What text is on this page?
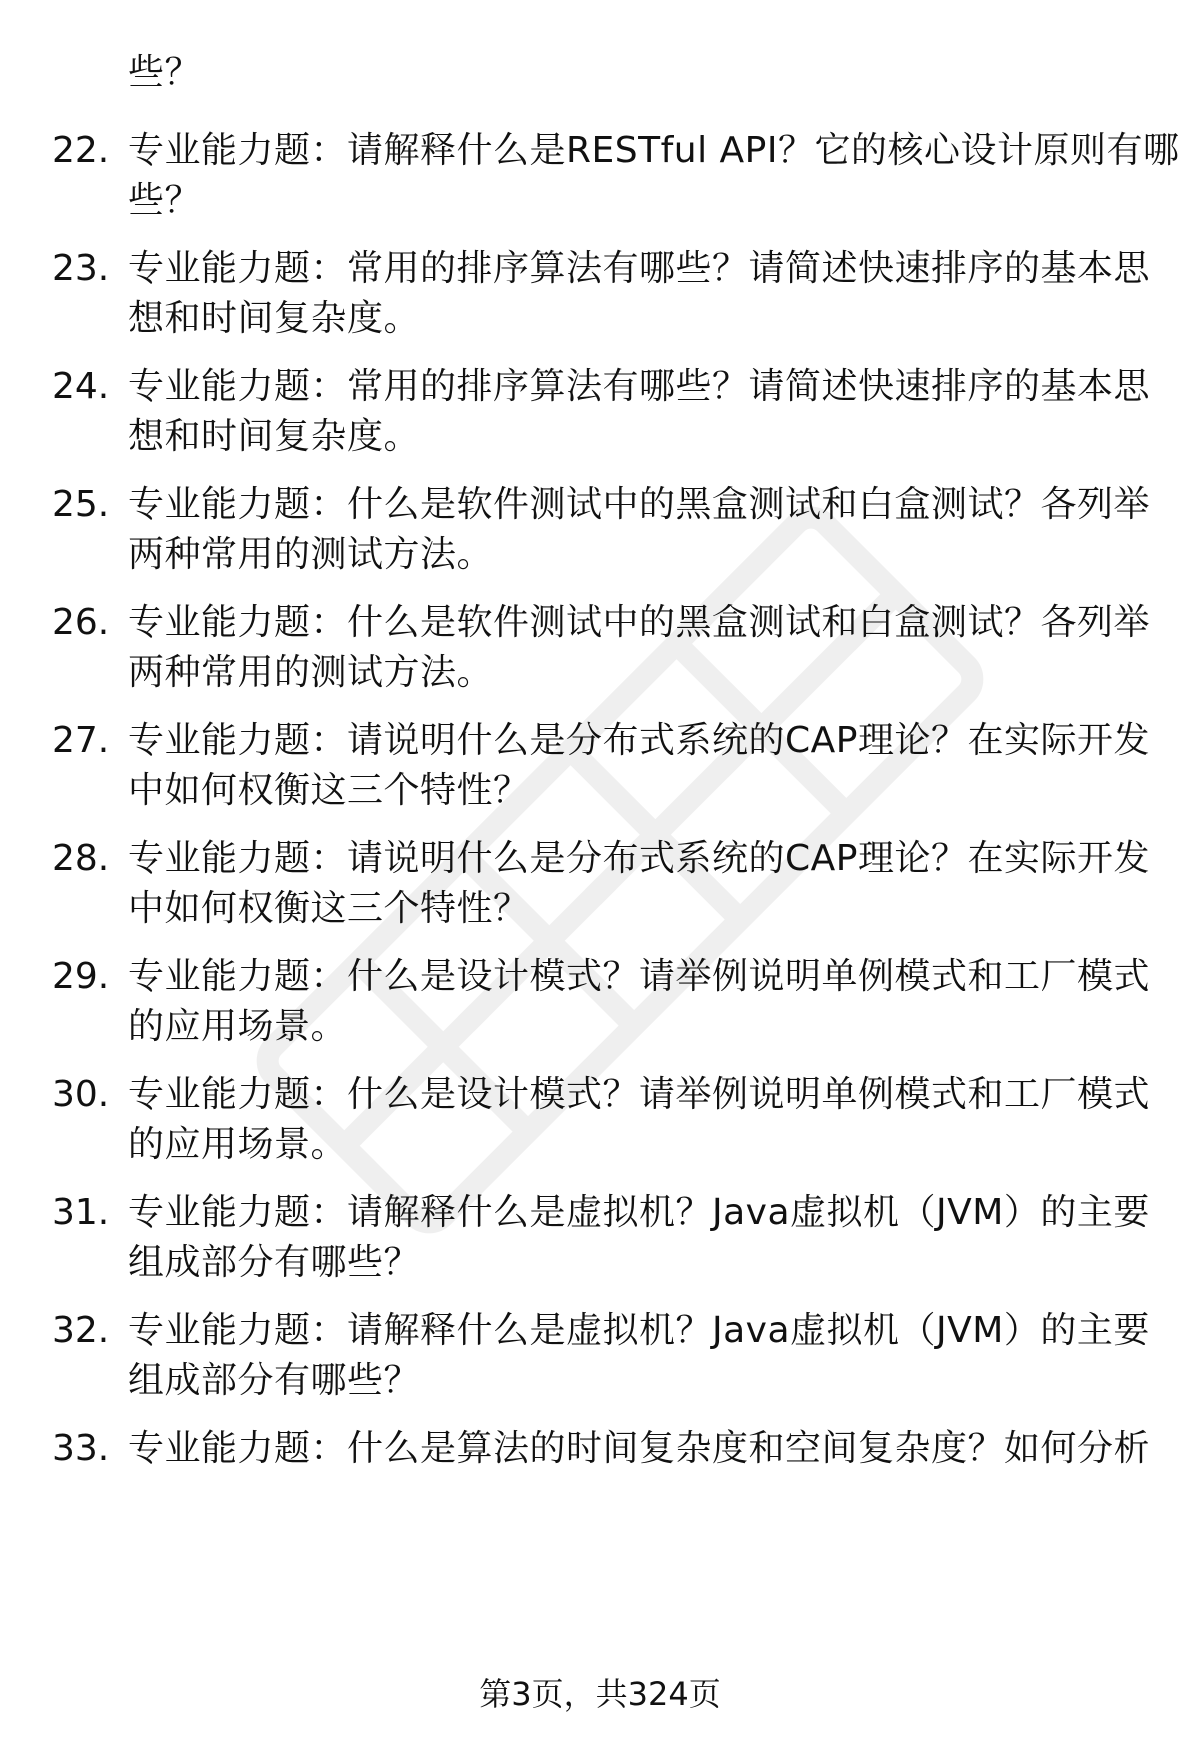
些？
22. 专业能力题：请解释什么是RESTful API？它的核心设计原则有哪
些？
23. 专业能力题：常用的排序算法有哪些？请简述快速排序的基本思
想和时间复杂度。
24. 专业能力题：常用的排序算法有哪些？请简述快速排序的基本思
想和时间复杂度。
25. 专业能力题：什么是软件测试中的黑盒测试和白盒测试？各列举
两种常用的测试方法。
26. 专业能力题：什么是软件测试中的黑盒测试和白盒测试？各列举
两种常用的测试方法。
27. 专业能力题：请说明什么是分布式系统的CAP理论？在实际开发
中如何权衡这三个特性？
28. 专业能力题：请说明什么是分布式系统的CAP理论？在实际开发
中如何权衡这三个特性？
29. 专业能力题：什么是设计模式？请举例说明单例模式和工厂模式
的应用场景。
30. 专业能力题：什么是设计模式？请举例说明单例模式和工厂模式
的应用场景。
31. 专业能力题：请解释什么是虚拟机？Java虚拟机（JVM）的主要
组成部分有哪些？
32. 专业能力题：请解释什么是虚拟机？Java虚拟机（JVM）的主要
组成部分有哪些？
33. 专业能力题：什么是算法的时间复杂度和空间复杂度？如何分析
第3页，共324页
